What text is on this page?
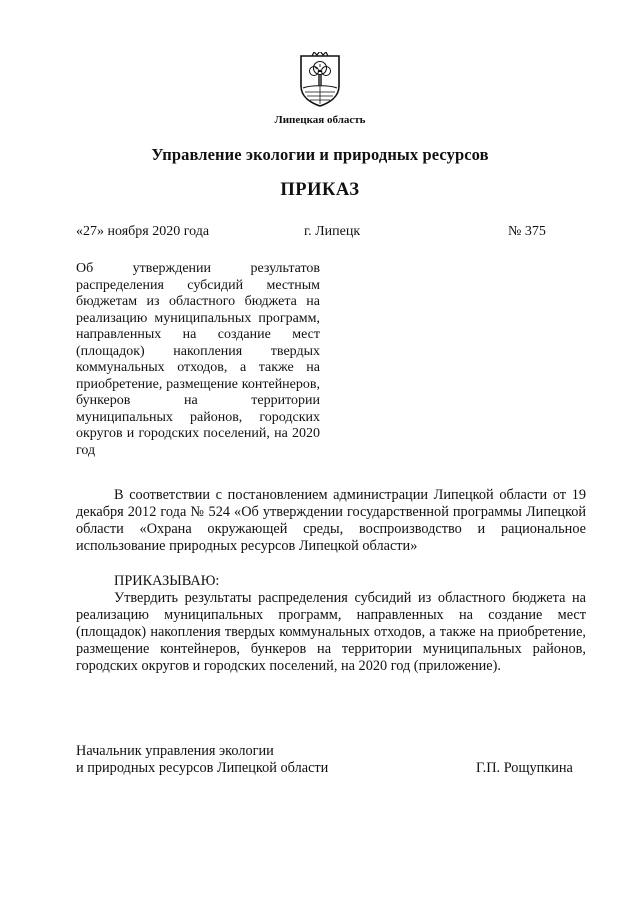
Липецкая область
Управление экологии и природных ресурсов
ПРИКАЗ
«27» ноября 2020 года	г. Липецк	№ 375
Об утверждении результатов распределения субсидий местным бюджетам из областного бюджета на реализацию муниципальных программ, направленных на создание мест (площадок) накопления твердых коммунальных отходов, а также на приобретение, размещение контейнеров, бункеров на территории муниципальных районов, городских округов и городских поселений, на 2020 год
В соответствии с постановлением администрации Липецкой области от 19 декабря 2012 года № 524 «Об утверждении государственной программы Липецкой области «Охрана окружающей среды, воспроизводство и рациональное использование природных ресурсов Липецкой области»
ПРИКАЗЫВАЮ:
Утвердить результаты распределения субсидий из областного бюджета на реализацию муниципальных программ, направленных на создание мест (площадок) накопления твердых коммунальных отходов, а также на приобретение, размещение контейнеров, бункеров на территории муниципальных районов, городских округов и городских поселений, на 2020 год (приложение).
Начальник управления экологии
и природных ресурсов Липецкой области	Г.П. Рощупкина
